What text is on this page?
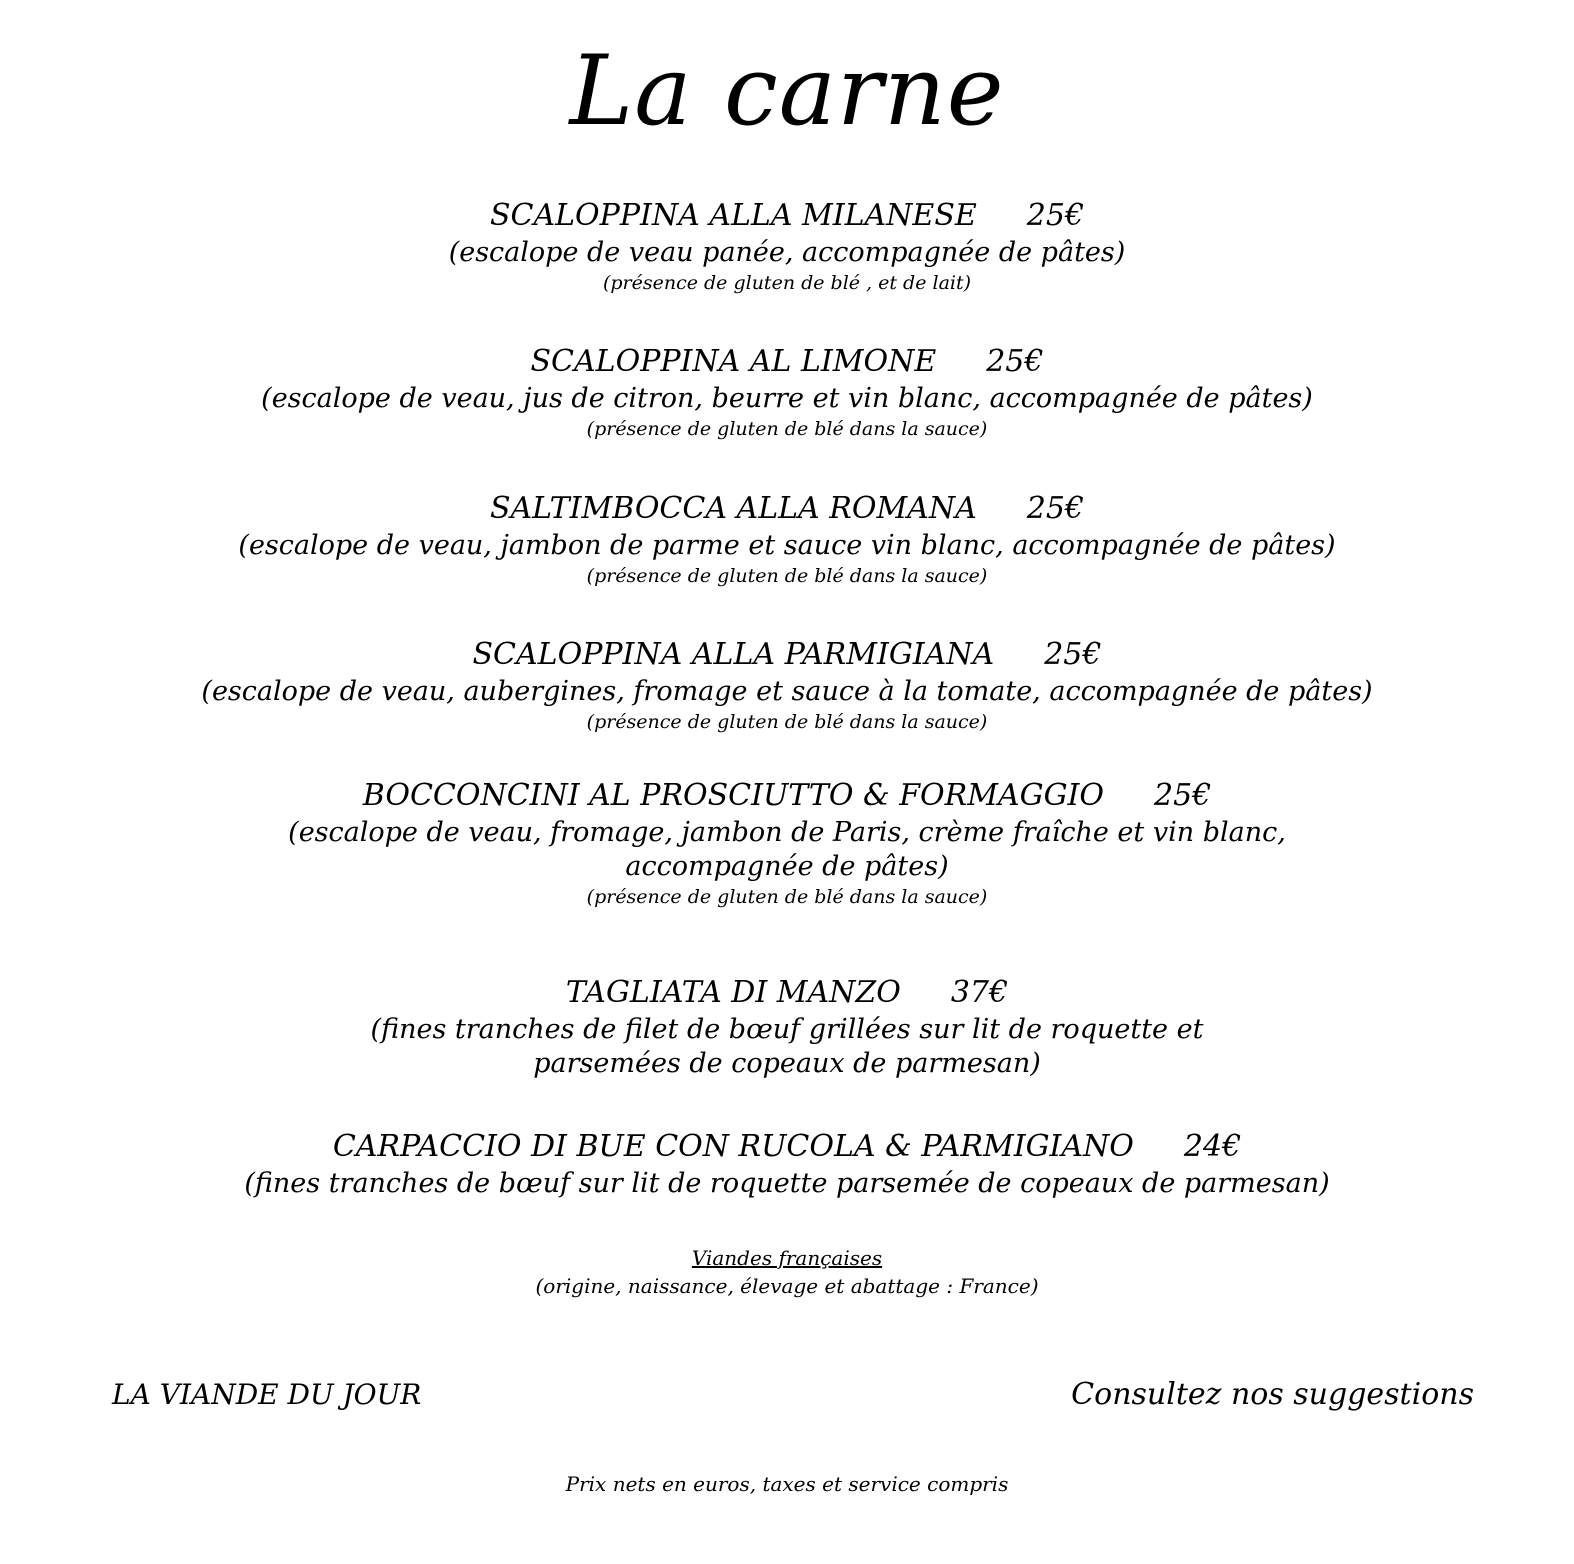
La carne
SCALOPPINA ALLA MILANESE 25€
(escalope de veau panée, accompagnée de pâtes)
(présence de gluten de blé , et de lait)
SCALOPPINA AL LIMONE 25€
(escalope de veau, jus de citron, beurre et vin blanc, accompagnée de pâtes)
(présence de gluten de blé dans la sauce)
SALTIMBOCCA ALLA ROMANA 25€
(escalope de veau, jambon de parme et sauce vin blanc, accompagnée de pâtes)
(présence de gluten de blé dans la sauce)
SCALOPPINA ALLA PARMIGIANA 25€
(escalope de veau, aubergines, fromage et sauce à la tomate, accompagnée de pâtes)
(présence de gluten de blé dans la sauce)
BOCCONCINI AL PROSCIUTTO & FORMAGGIO 25€
(escalope de veau, fromage, jambon de Paris, crème fraîche et vin blanc,
accompagnée de pâtes)
(présence de gluten de blé dans la sauce)
TAGLIATA DI MANZO 37€
(fines tranches de filet de bœuf grillées sur lit de roquette et
parsemées de copeaux de parmesan)
CARPACCIO DI BUE CON RUCOLA & PARMIGIANO 24€
(fines tranches de bœuf sur lit de roquette parsemée de copeaux de parmesan)
Viandes françaises
(origine, naissance, élevage et abattage : France)
LA VIANDE DU JOUR	Consultez nos suggestions
Prix nets en euros, taxes et service compris
